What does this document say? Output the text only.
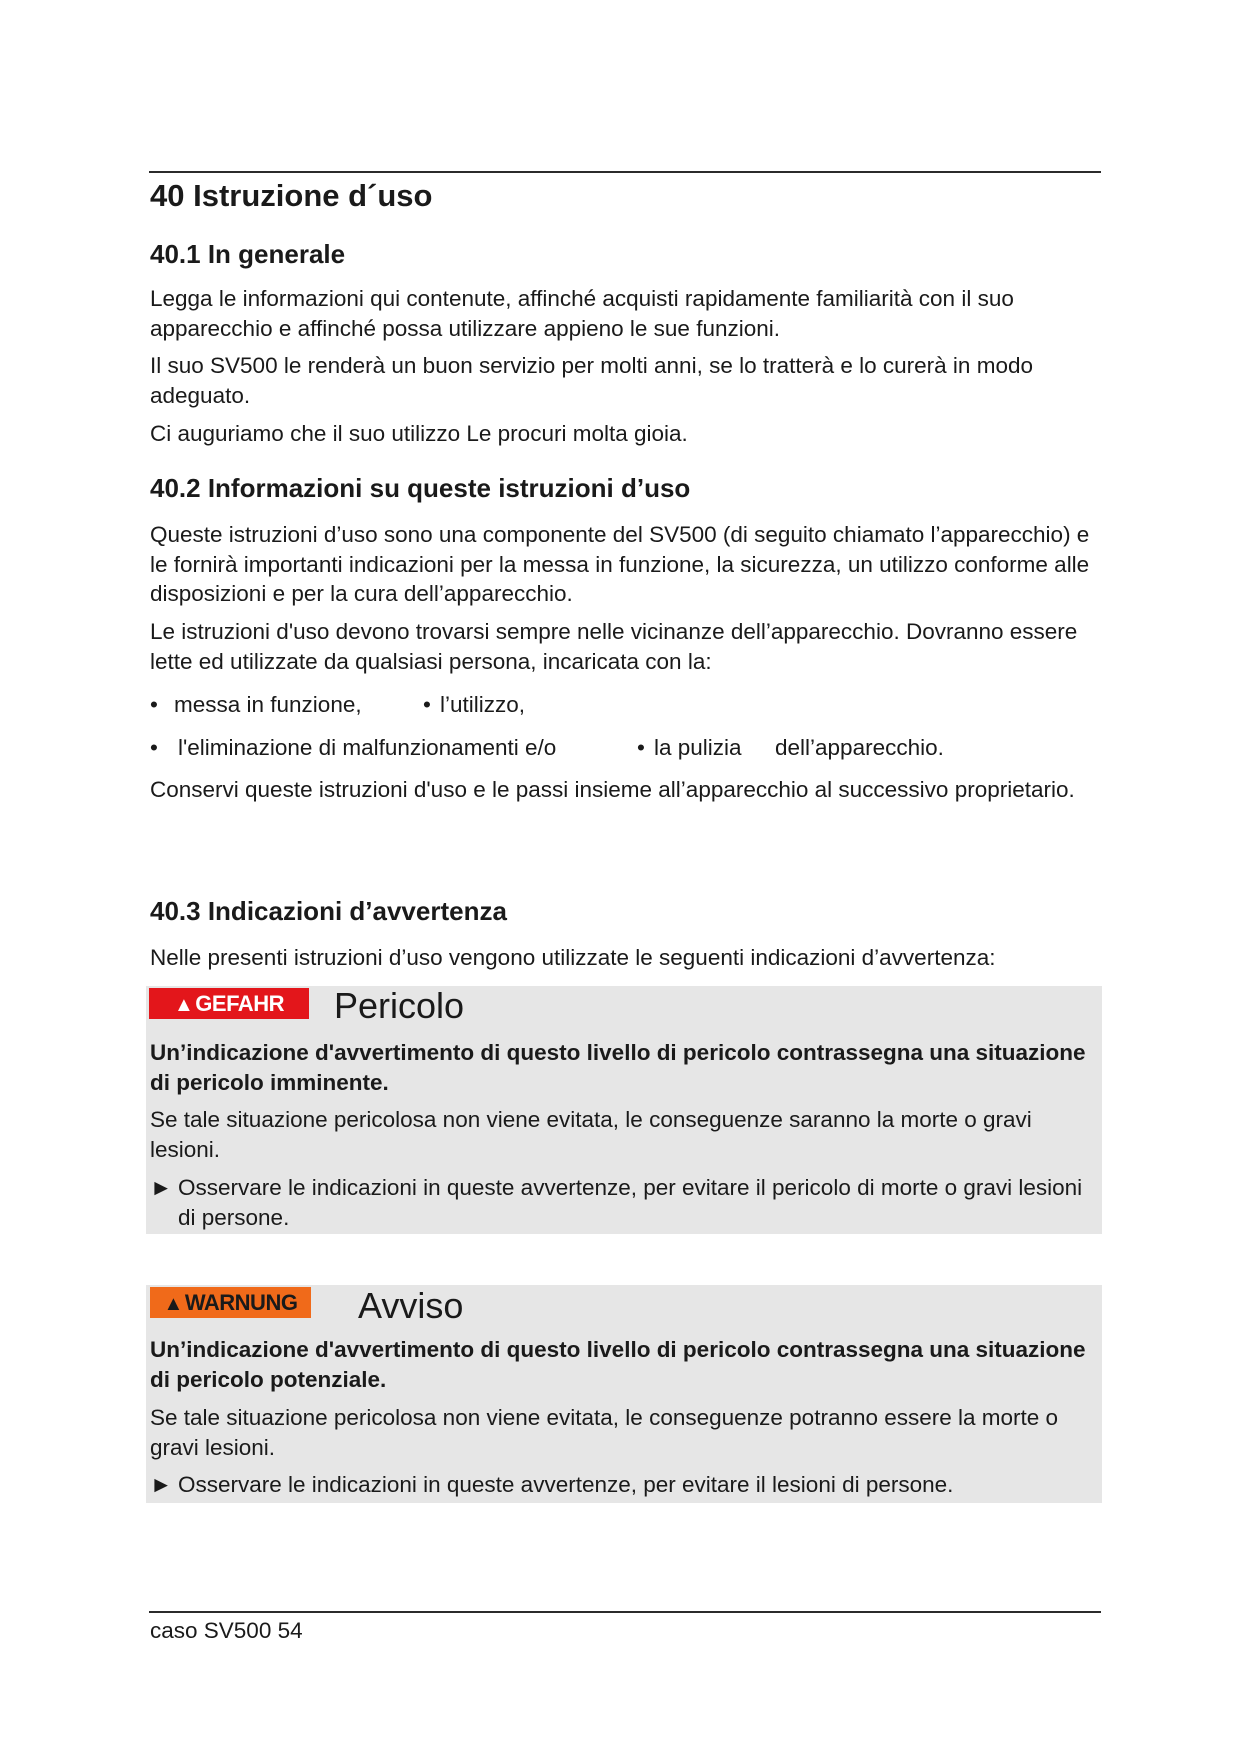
40 Istruzione d´uso
40.1 In generale

Legga le informazioni qui contenute, affinché acquisti rapidamente familiarità con il suo apparecchio e affinché possa utilizzare appieno le sue funzioni.

Il suo SV500 le renderà un buon servizio per molti anni, se lo tratterà e lo curerà in modo adeguato.

Ci auguriamo che il suo utilizzo Le procuri molta gioia.

40.2 Informazioni su queste istruzioni d’uso

Queste istruzioni d’uso sono una componente del SV500 (di seguito chiamato l’apparecchio) e le fornirà importanti indicazioni per la messa in funzione, la sicurezza, un utilizzo conforme alle disposizioni e per la cura dell’apparecchio.

Le istruzioni d'uso devono trovarsi sempre nelle vicinanze dell’apparecchio. Dovranno essere lette ed utilizzate da qualsiasi persona, incaricata con la:

• messa in funzione,	• l’utilizzo,
• l'eliminazione di malfunzionamenti e/o	• la pulizia dell’apparecchio.

Conservi queste istruzioni d'uso e le passi insieme all’apparecchio al successivo proprietario.

40.3 Indicazioni d’avvertenza

Nelle presenti istruzioni d’uso vengono utilizzate le seguenti indicazioni d’avvertenza:

▲GEFAHR	Pericolo

Un’indicazione d'avvertimento di questo livello di pericolo contrassegna una situazione di pericolo imminente.

Se tale situazione pericolosa non viene evitata, le conseguenze saranno la morte o gravi lesioni.

► Osservare le indicazioni in queste avvertenze, per evitare il pericolo di morte o gravi lesioni di persone.
▲WARNUNG	Avviso

Un’indicazione d'avvertimento di questo livello di pericolo contrassegna una situazione di pericolo potenziale.

Se tale situazione pericolosa non viene evitata, le conseguenze potranno essere la morte o gravi lesioni.

► Osservare le indicazioni in queste avvertenze, per evitare il lesioni di persone.
caso SV500 54
